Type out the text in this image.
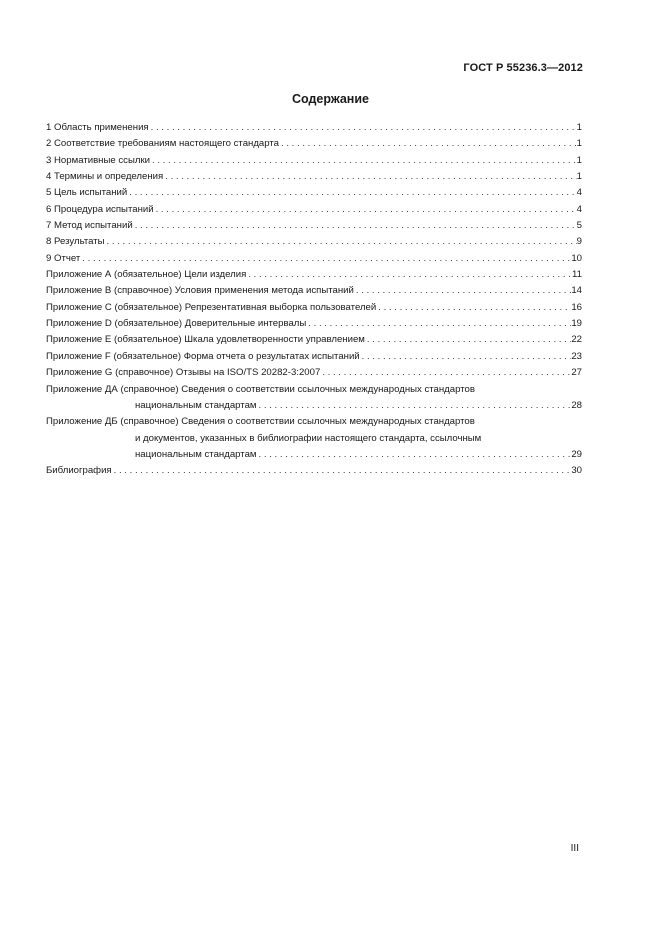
ГОСТ Р 55236.3—2012
Содержание
1 Область применения . . .	1
2 Соответствие требованиям настоящего стандарта . . .	1
3 Нормативные ссылки . . .	1
4 Термины и определения . . .	1
5 Цель испытаний . . .	4
6 Процедура испытаний . . .	4
7 Метод испытаний . . .	5
8 Результаты . . .	9
9 Отчет . . .	10
Приложение А (обязательное) Цели изделия . . .	11
Приложение В (справочное) Условия применения метода испытаний . . .	14
Приложение С (обязательное) Репрезентативная выборка пользователей . . .	16
Приложение D (обязательное) Доверительные интервалы . . .	19
Приложение Е (обязательное) Шкала удовлетворенности управлением . . .	22
Приложение F (обязательное) Форма отчета о результатах испытаний . . .	23
Приложение G (справочное) Отзывы на ISO/TS 20282-3:2007 . . .	27
Приложение ДА (справочное) Сведения о соответствии ссылочных международных стандартов
национальным стандартам . . .	28
Приложение ДБ (справочное) Сведения о соответствии ссылочных международных стандартов
и документов, указанных в библиографии настоящего стандарта, ссылочным
национальным стандартам . . .	29
Библиография . . .	30
III
